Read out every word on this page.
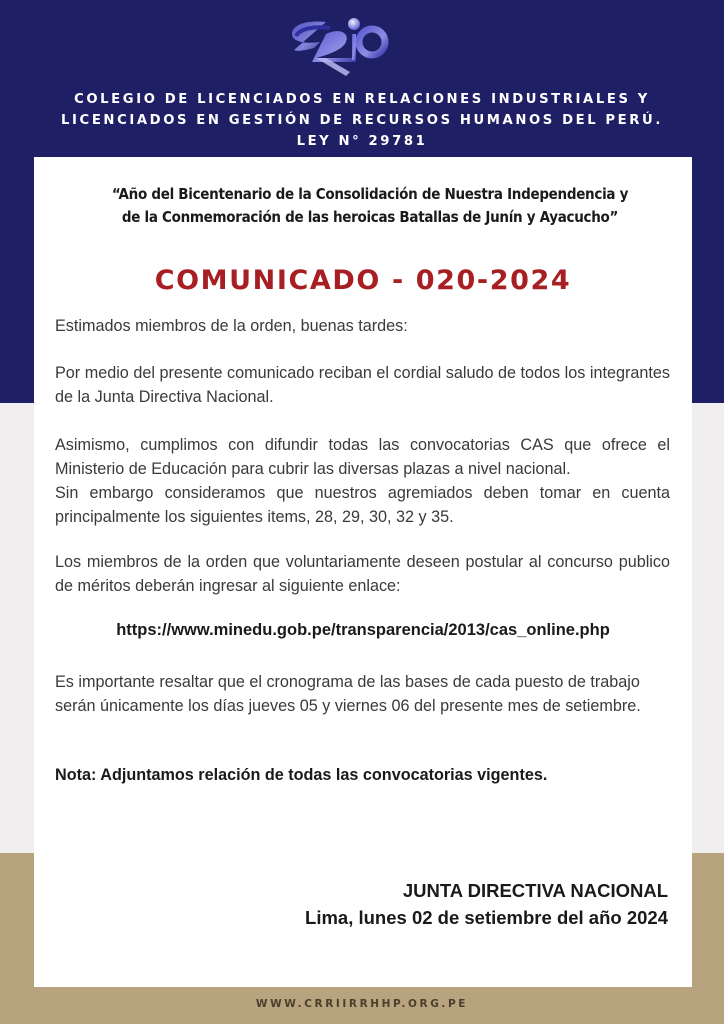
COLEGIO DE LICENCIADOS EN RELACIONES INDUSTRIALES Y
LICENCIADOS EN GESTIÓN DE RECURSOS HUMANOS DEL PERÚ.
LEY N° 29781
“Año del Bicentenario de la Consolidación de Nuestra Independencia y
de la Conmemoración de las heroicas Batallas de Junín y Ayacucho”
COMUNICADO - 020-2024
Estimados miembros de la orden, buenas tardes:
Por medio del presente comunicado reciban el cordial saludo de todos los integrantes de la Junta Directiva Nacional.
Asimismo, cumplimos con difundir todas las convocatorias CAS que ofrece el Ministerio de Educación para cubrir las diversas plazas a nivel nacional.
Sin embargo consideramos que nuestros agremiados deben tomar en cuenta principalmente los siguientes items, 28, 29, 30, 32 y 35.
Los miembros de la orden que voluntariamente deseen postular al concurso publico de méritos deberán ingresar al siguiente enlace:
https://www.minedu.gob.pe/transparencia/2013/cas_online.php
Es importante resaltar que el cronograma de las bases de cada puesto de trabajo serán únicamente los días jueves 05 y viernes 06 del presente mes de setiembre.
Nota: Adjuntamos relación de todas las convocatorias vigentes.
JUNTA DIRECTIVA NACIONAL
Lima, lunes 02 de setiembre del año 2024
WWW.CRRIIRRHHP.ORG.PE
